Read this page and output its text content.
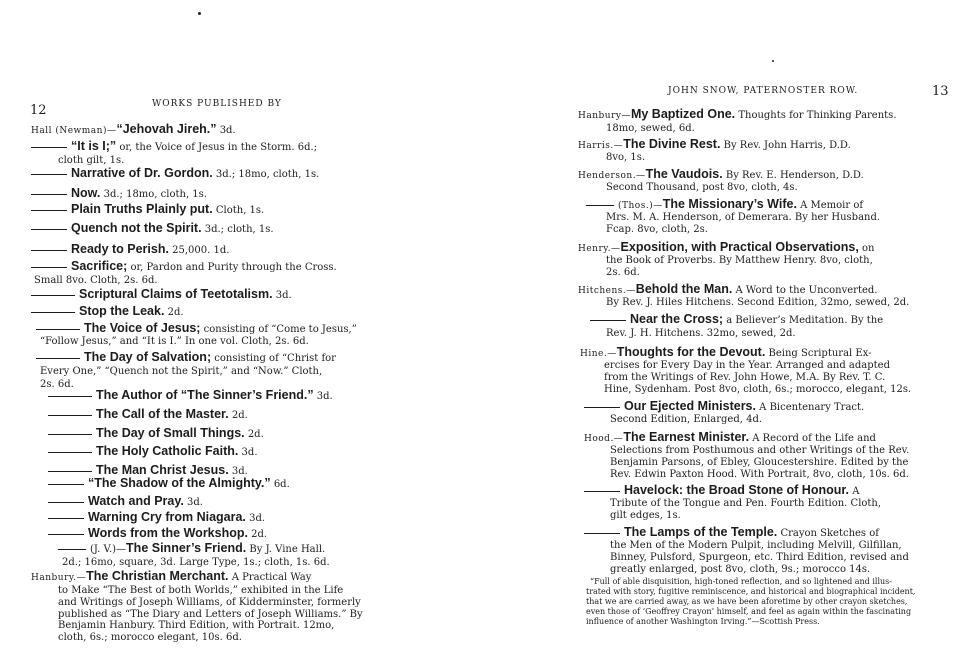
12	WORKS PUBLISHED BY
Hall (Newman)—“Jehovah Jireh.” 3d.
“It is I;” or, the Voice of Jesus in the Storm. 6d.;
cloth gilt, 1s.
Narrative of Dr. Gordon. 3d.; 18mo, cloth, 1s.
Now. 3d.; 18mo, cloth, 1s.
Plain Truths Plainly put. Cloth, 1s.
Quench not the Spirit. 3d.; cloth, 1s.
Ready to Perish. 25,000. 1d.
Sacrifice; or, Pardon and Purity through the Cross.
Small 8vo. Cloth, 2s. 6d.
Scriptural Claims of Teetotalism. 3d.
Stop the Leak. 2d.
The Voice of Jesus; consisting of “Come to Jesus,”
“Follow Jesus,” and “It is I.” In one vol. Cloth, 2s. 6d.
The Day of Salvation; consisting of “Christ for
Every One,” “Quench not the Spirit,” and “Now.” Cloth,
2s. 6d.
The Author of “The Sinner’s Friend.” 3d.
The Call of the Master. 2d.
The Day of Small Things. 2d.
The Holy Catholic Faith. 3d.
The Man Christ Jesus. 3d.
“The Shadow of the Almighty.” 6d.
Watch and Pray. 3d.
Warning Cry from Niagara. 3d.
Words from the Workshop. 2d.
(J. V.)—The Sinner’s Friend. By J. Vine Hall.
2d.; 16mo, square, 3d. Large Type, 1s.; cloth, 1s. 6d.
Hanbury.—The Christian Merchant. A Practical Way
to Make “The Best of both Worlds,” exhibited in the Life
and Writings of Joseph Williams, of Kidderminster, formerly
published as “The Diary and Letters of Joseph Williams.” By
Benjamin Hanbury. Third Edition, with Portrait. 12mo,
cloth, 6s.; morocco elegant, 10s. 6d.
JOHN SNOW, PATERNOSTER ROW.	13
Hanbury—My Baptized One. Thoughts for Thinking Parents.
18mo, sewed, 6d.
Harris.—The Divine Rest. By Rev. John Harris, D.D.
8vo, 1s.
Henderson.—The Vaudois. By Rev. E. Henderson, D.D.
Second Thousand, post 8vo, cloth, 4s.
(Thos.)—The Missionary’s Wife. A Memoir of
Mrs. M. A. Henderson, of Demerara. By her Husband.
Fcap. 8vo, cloth, 2s.
Henry.—Exposition, with Practical Observations, on
the Book of Proverbs. By Matthew Henry. 8vo, cloth,
2s. 6d.
Hitchens.—Behold the Man. A Word to the Unconverted.
By Rev. J. Hiles Hitchens. Second Edition, 32mo, sewed, 2d.
Near the Cross; a Believer’s Meditation. By the
Rev. J. H. Hitchens. 32mo, sewed, 2d.
Hine.—Thoughts for the Devout. Being Scriptural Ex-
ercises for Every Day in the Year. Arranged and adapted
from the Writings of Rev. John Howe, M.A. By Rev. T. C.
Hine, Sydenham. Post 8vo, cloth, 6s.; morocco, elegant, 12s.
Our Ejected Ministers. A Bicentenary Tract.
Second Edition, Enlarged, 4d.
Hood.—The Earnest Minister. A Record of the Life and
Selections from Posthumous and other Writings of the Rev.
Benjamin Parsons, of Ebley, Gloucestershire. Edited by the
Rev. Edwin Paxton Hood. With Portrait, 8vo, cloth, 10s. 6d.
Havelock: the Broad Stone of Honour. A
Tribute of the Tongue and Pen. Fourth Edition. Cloth,
gilt edges, 1s.
The Lamps of the Temple. Crayon Sketches of
the Men of the Modern Pulpit, including Melvill, Gilfillan,
Binney, Pulsford, Spurgeon, etc. Third Edition, revised and
greatly enlarged, post 8vo, cloth, 9s.; morocco 14s.
“Full of able disquisition, high-toned reflection, and so lightened and illus-
trated with story, fugitive reminiscence, and historical and biographical incident,
that we are carried away, as we have been aforetime by other crayon sketches,
even those of ‘Geoffrey Crayon’ himself, and feel as again within the fascinating
influence of another Washington Irving.”—Scottish Press.
